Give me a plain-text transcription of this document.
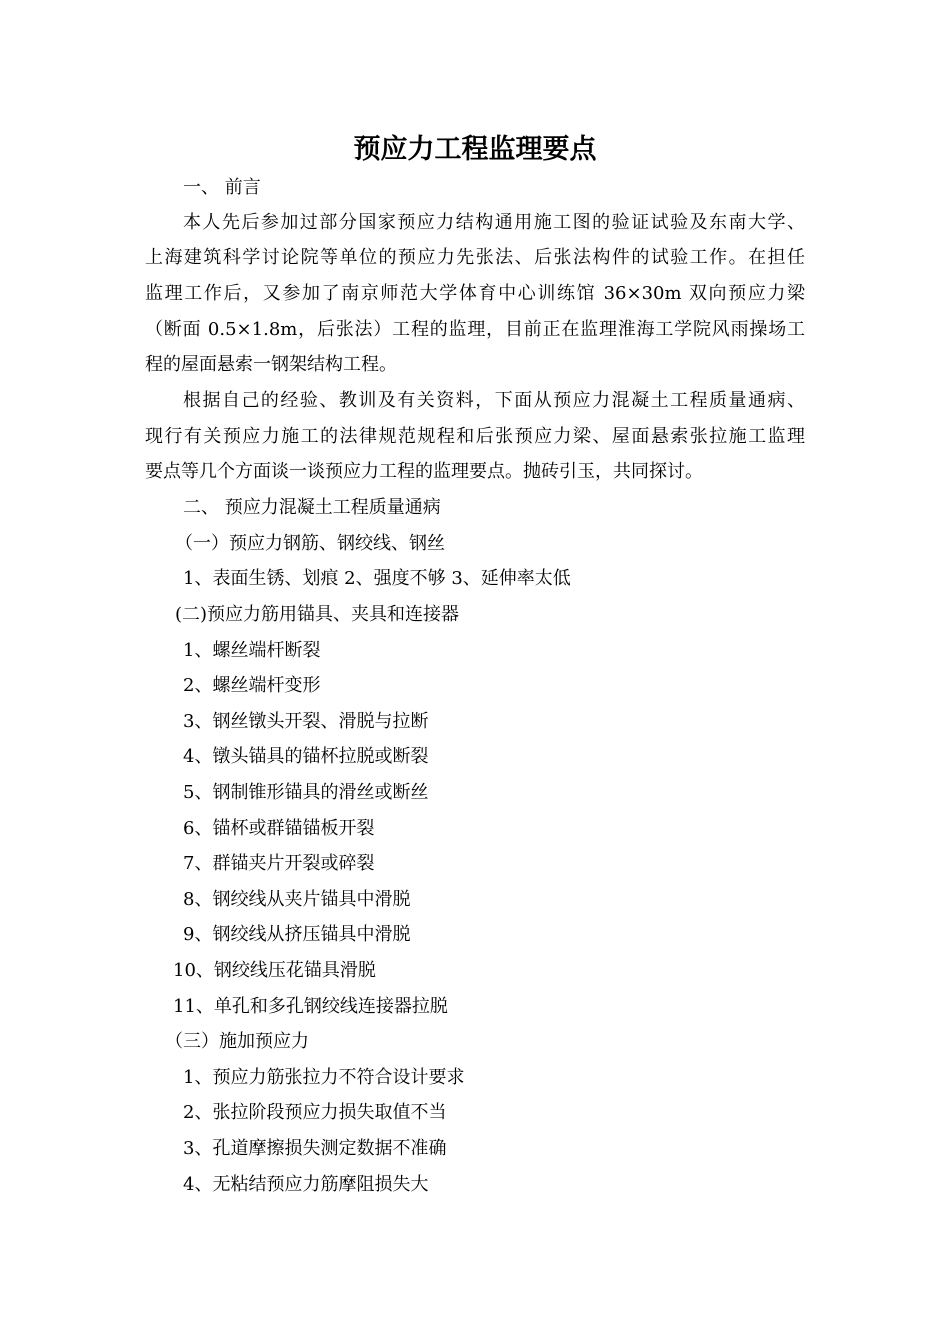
预应力工程监理要点
一、 前言
本人先后参加过部分国家预应力结构通用施工图的验证试验及东南大学、
上海建筑科学讨论院等单位的预应力先张法、后张法构件的试验工作。在担任
监理工作后，又参加了南京师范大学体育中心训练馆 36×30m 双向预应力梁
（断面 0.5×1.8m，后张法）工程的监理，目前正在监理淮海工学院风雨操场工
程的屋面悬索一钢架结构工程。
根据自己的经验、教训及有关资料，下面从预应力混凝土工程质量通病、
现行有关预应力施工的法律规范规程和后张预应力梁、屋面悬索张拉施工监理
要点等几个方面谈一谈预应力工程的监理要点。抛砖引玉，共同探讨。
二、 预应力混凝土工程质量通病
（一）预应力钢筋、钢绞线、钢丝
1、表面生锈、划痕 2、强度不够 3、延伸率太低
(二)预应力筋用锚具、夹具和连接器
1、螺丝端杆断裂
2、螺丝端杆变形
3、钢丝镦头开裂、滑脱与拉断
4、镦头锚具的锚杯拉脱或断裂
5、钢制锥形锚具的滑丝或断丝
6、锚杯或群锚锚板开裂
7、群锚夹片开裂或碎裂
8、钢绞线从夹片锚具中滑脱
9、钢绞线从挤压锚具中滑脱
10、钢绞线压花锚具滑脱
11、单孔和多孔钢绞线连接器拉脱
（三）施加预应力
1、预应力筋张拉力不符合设计要求
2、张拉阶段预应力损失取值不当
3、孔道摩擦损失测定数据不准确
4、无粘结预应力筋摩阻损失大
